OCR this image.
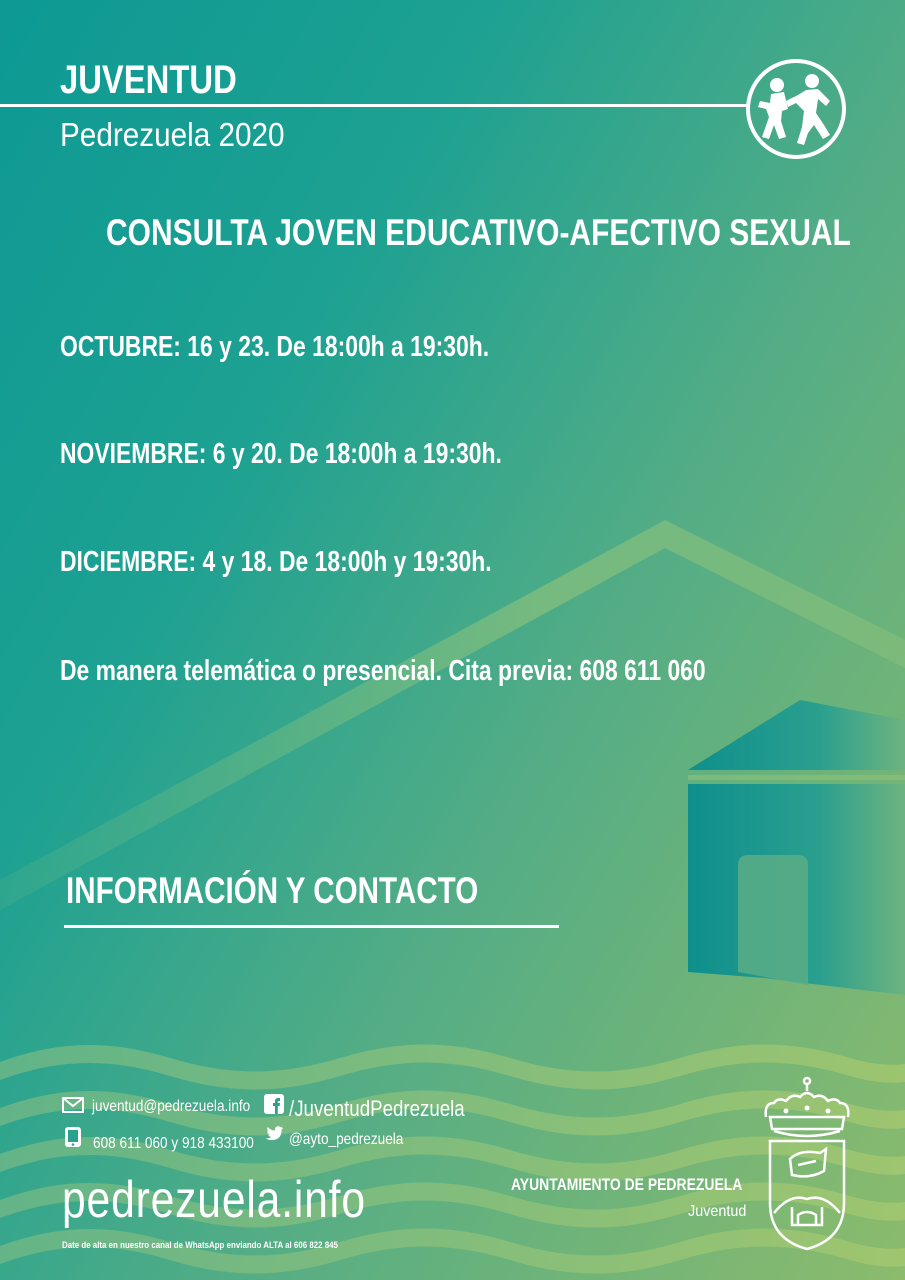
JUVENTUD
Pedrezuela 2020
CONSULTA JOVEN EDUCATIVO-AFECTIVO SEXUAL
OCTUBRE: 16 y 23. De 18:00h a 19:30h.
NOVIEMBRE: 6 y 20. De 18:00h a 19:30h.
DICIEMBRE: 4 y 18. De 18:00h y 19:30h.
De manera telemática o presencial. Cita previa: 608 611 060
INFORMACIÓN Y CONTACTO
juventud@pedrezuela.info /JuventudPedrezuela
608 611 060 y 918 433100 @ayto_pedrezuela
pedrezuela.info
Date de alta en nuestro canal de WhatsApp enviando ALTA al 606 822 845
AYUNTAMIENTO DE PEDREZUELA
Juventud
